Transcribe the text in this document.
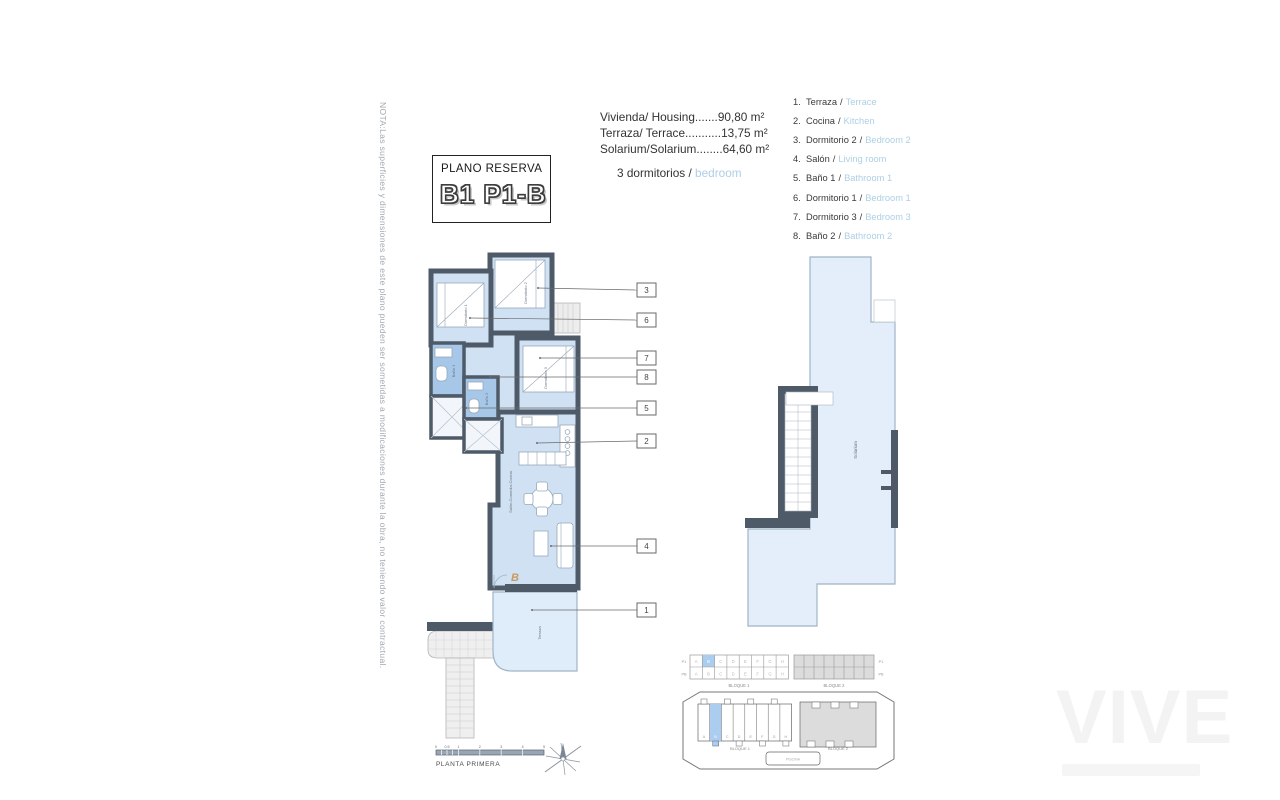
NOTA:Las superficies y dimensiones de este plano pueden ser sometidas a modificaciones durante la obra, no teniendo valor contractual.	PLANO RESERVA
B1 P1-B
Vivienda/ Housing.......90,80 m²
Terraza/ Terrace...........13,75 m²
Solarium/Solarium........64,60 m²
3 dormitorios / bedroom
1. Terraza / Terrace
2. Cocina / Kitchen
3. Dormitorio 2 / Bedroom 2
4. Salón / Living room
5. Baño 1 / Bathroom 1
6. Dormitorio 1 / Bedroom 1
7. Dormitorio 3 / Bedroom 3
8. Baño 2 / Bathroom 2
Dormitorio 1
Dormitorio 2
Dormitorio 3
Baño 1
Baño 2
Salón-Comedor-Cocina
Terraza
B
3
6
7
8
5
2
4
1
Solarium
P1
PB
P1
PB
A B C D E F G H
A B C D E F G H
BLOQUE 1	BLOQUE 2
A	B	C	D	E	F	G H
BLOQUE 1	BLOQUE 2
PISCINA
0 0.5 1	2	3	4	5
PLANTA PRIMERA
VIVE
